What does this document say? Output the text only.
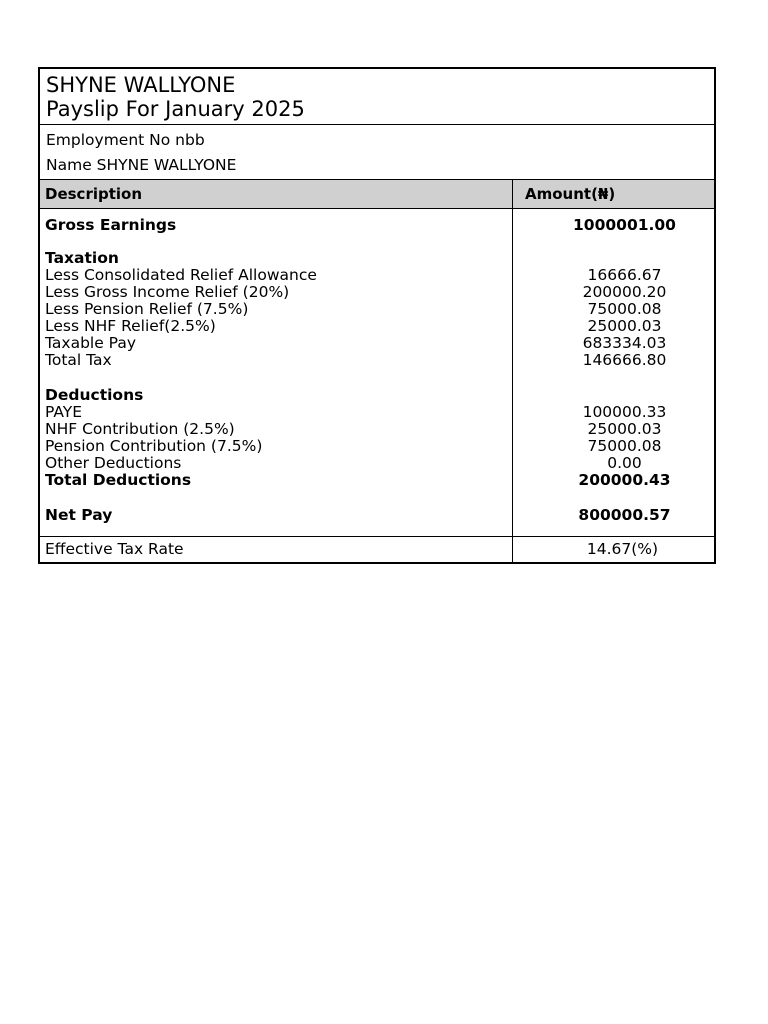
SHYNE WALLYONE
Payslip For January 2025
Employment No nbb
Name SHYNE WALLYONE
Description	Amount(₦)
Gross Earnings
Taxation
Less Consolidated Relief Allowance
Less Gross Income Relief (20%)
Less Pension Relief (7.5%)
Less NHF Relief(2.5%)
Taxable Pay
Total Tax
Deductions
PAYE
NHF Contribution (2.5%)
Pension Contribution (7.5%)
Other Deductions
Total Deductions
Net Pay
1000001.00
16666.67
200000.20
75000.08
25000.03
683334.03
146666.80
100000.33
25000.03
75000.08
0.00
200000.43
800000.57
Effective Tax Rate	14.67(%)
